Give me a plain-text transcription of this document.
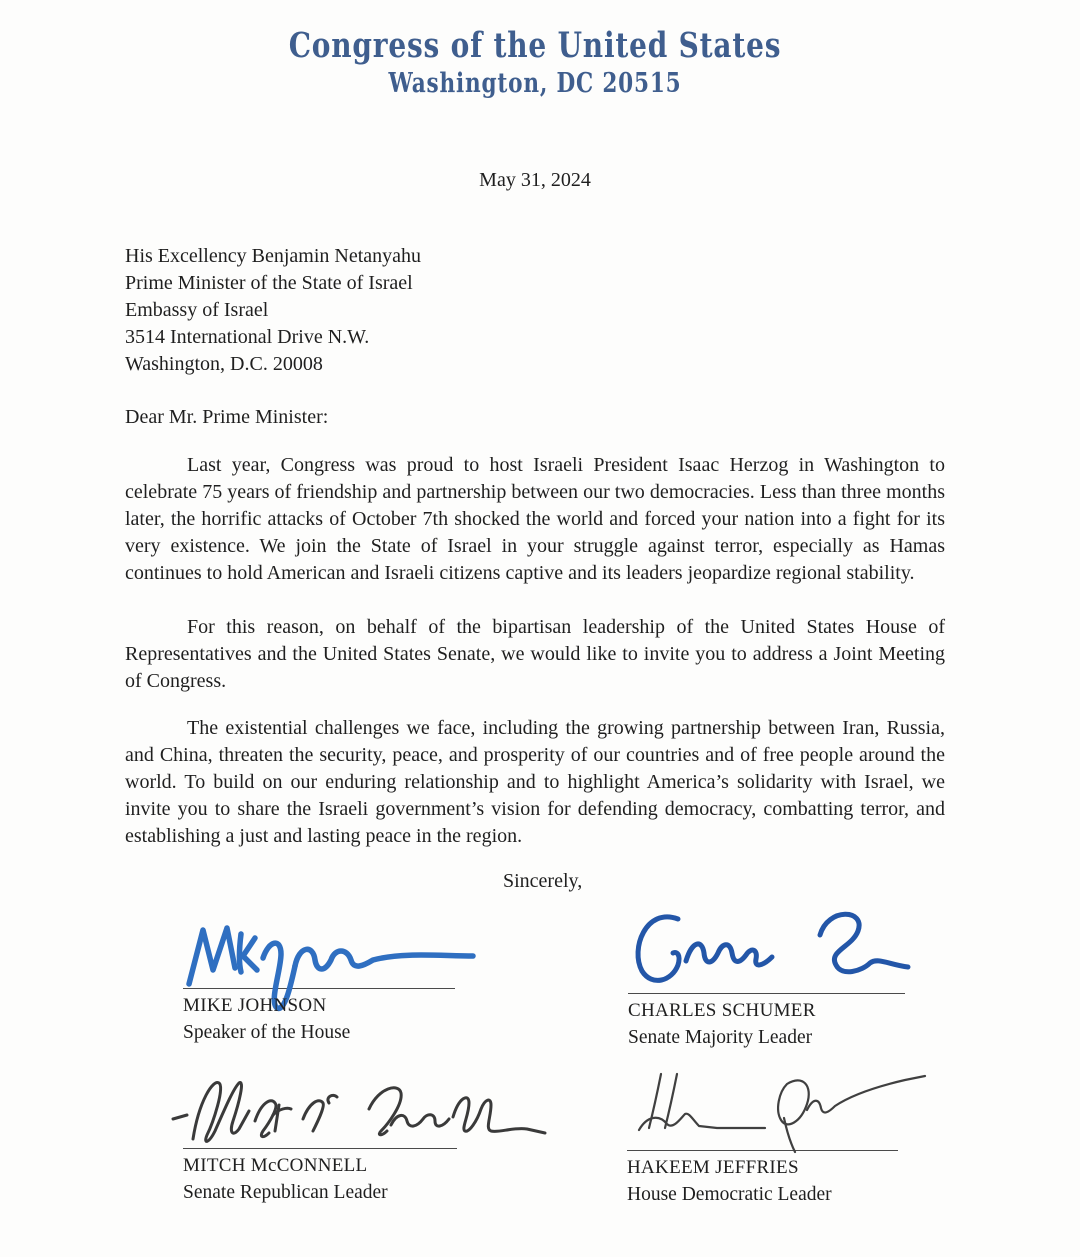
Congress of the United States
Washington, DC 20515
May 31, 2024
His Excellency Benjamin Netanyahu
Prime Minister of the State of Israel
Embassy of Israel
3514 International Drive N.W.
Washington, D.C. 20008
Dear Mr. Prime Minister:

Last year, Congress was proud to host Israeli President Isaac Herzog in Washington to celebrate 75 years of friendship and partnership between our two democracies. Less than three months later, the horrific attacks of October 7th shocked the world and forced your nation into a fight for its very existence. We join the State of Israel in your struggle against terror, especially as Hamas continues to hold American and Israeli citizens captive and its leaders jeopardize regional stability.

For this reason, on behalf of the bipartisan leadership of the United States House of Representatives and the United States Senate, we would like to invite you to address a Joint Meeting of Congress.

The existential challenges we face, including the growing partnership between Iran, Russia, and China, threaten the security, peace, and prosperity of our countries and of free people around the world. To build on our enduring relationship and to highlight America’s solidarity with Israel, we invite you to share the Israeli government’s vision for defending democracy, combatting terror, and establishing a just and lasting peace in the region.

Sincerely,
MIKE JOHNSON
Speaker of the House
CHARLES SCHUMER
Senate Majority Leader
MITCH McCONNELL
Senate Republican Leader
HAKEEM JEFFRIES
House Democratic Leader
